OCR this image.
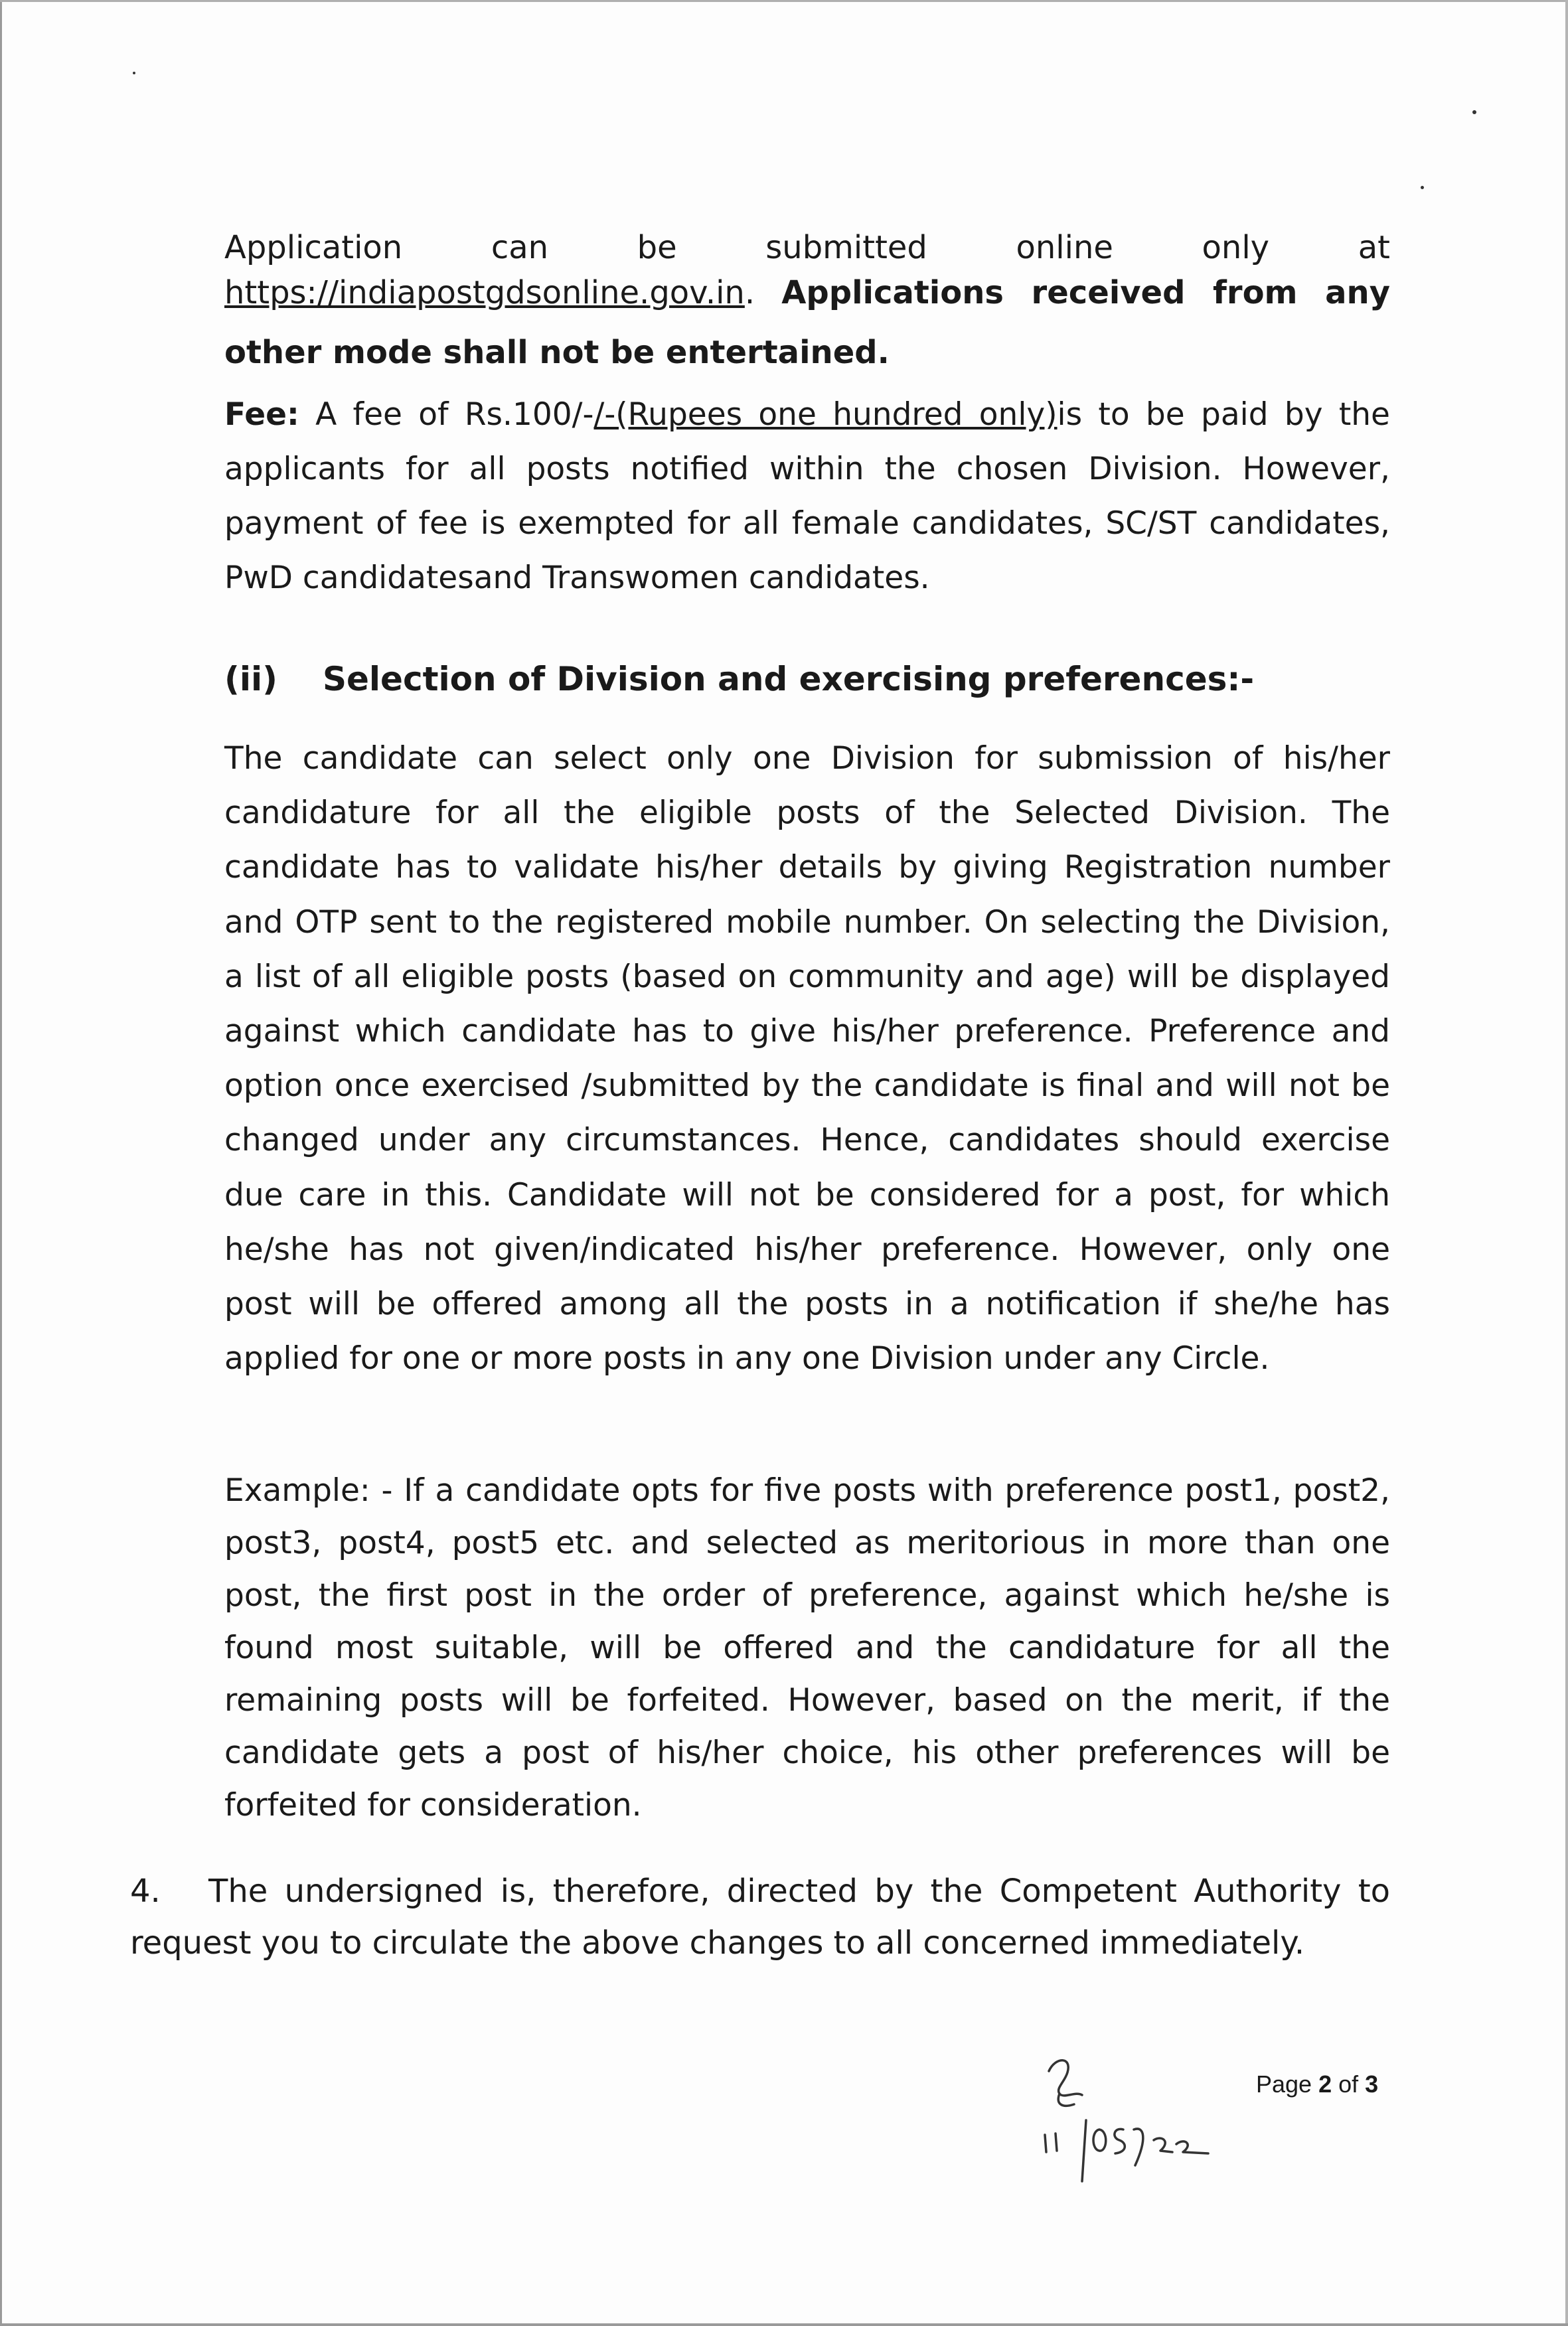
Application	can	be	submitted	online	only	at
https://indiapostgdsonline.gov.in. Applications received from any
other mode shall not be entertained.
Fee: A fee of Rs.100/-/-(Rupees one hundred only)is to be paid by the applicants for all posts notified within the chosen Division. However, payment of fee is exempted for all female candidates, SC/ST candidates, PwD candidatesand Transwomen candidates.
(ii) Selection of Division and exercising preferences:-
The candidate can select only one Division for submission of his/her candidature for all the eligible posts of the Selected Division. The candidate has to validate his/her details by giving Registration number and OTP sent to the registered mobile number. On selecting the Division, a list of all eligible posts (based on community and age) will be displayed against which candidate has to give his/her preference. Preference and option once exercised /submitted by the candidate is final and will not be changed under any circumstances. Hence, candidates should exercise due care in this. Candidate will not be considered for a post, for which he/she has not given/indicated his/her preference. However, only one post will be offered among all the posts in a notification if she/he has applied for one or more posts in any one Division under any Circle.
Example: - If a candidate opts for five posts with preference post1, post2, post3, post4, post5 etc. and selected as meritorious in more than one post, the first post in the order of preference, against which he/she is found most suitable, will be offered and the candidature for all the remaining posts will be forfeited. However, based on the merit, if the candidate gets a post of his/her choice, his other preferences will be forfeited for consideration.
4. The undersigned is, therefore, directed by the Competent Authority to request you to circulate the above changes to all concerned immediately.
Page 2 of 3
